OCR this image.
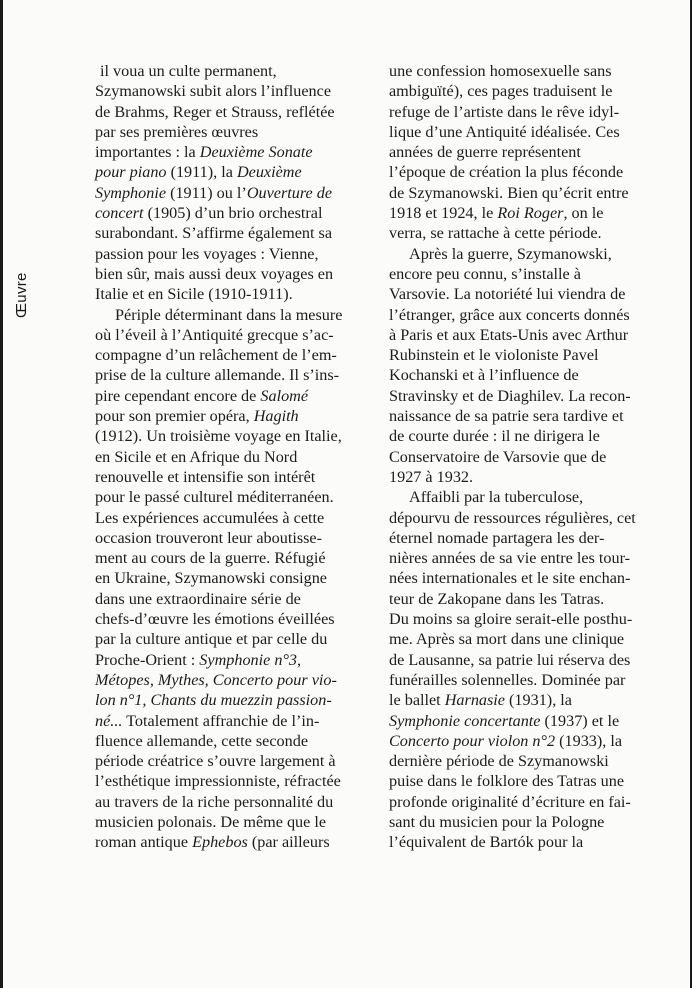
Œuvre
il voua un culte permanent,
Szymanowski subit alors l’influence
de Brahms, Reger et Strauss, reflétée
par ses premières œuvres
importantes : la Deuxième Sonate
pour piano (1911), la Deuxième
Symphonie (1911) ou l’Ouverture de
concert (1905) d’un brio orchestral
surabondant. S’affirme également sa
passion pour les voyages : Vienne,
bien sûr, mais aussi deux voyages en
Italie et en Sicile (1910-1911).
Périple déterminant dans la mesure
où l’éveil à l’Antiquité grecque s’ac-
compagne d’un relâchement de l’em-
prise de la culture allemande. Il s’ins-
pire cependant encore de Salomé
pour son premier opéra, Hagith
(1912). Un troisième voyage en Italie,
en Sicile et en Afrique du Nord
renouvelle et intensifie son intérêt
pour le passé culturel méditerranéen.
Les expériences accumulées à cette
occasion trouveront leur aboutisse-
ment au cours de la guerre. Réfugié
en Ukraine, Szymanowski consigne
dans une extraordinaire série de
chefs-d’œuvre les émotions éveillées
par la culture antique et par celle du
Proche-Orient : Symphonie n°3,
Métopes, Mythes, Concerto pour vio-
lon n°1, Chants du muezzin passion-
né... Totalement affranchie de l’in-
fluence allemande, cette seconde
période créatrice s’ouvre largement à
l’esthétique impressionniste, réfractée
au travers de la riche personnalité du
musicien polonais. De même que le
roman antique Ephebos (par ailleurs
une confession homosexuelle sans
ambiguïté), ces pages traduisent le
refuge de l’artiste dans le rêve idyl-
lique d’une Antiquité idéalisée. Ces
années de guerre représentent
l’époque de création la plus féconde
de Szymanowski. Bien qu’écrit entre
1918 et 1924, le Roi Roger, on le
verra, se rattache à cette période.
Après la guerre, Szymanowski,
encore peu connu, s’installe à
Varsovie. La notoriété lui viendra de
l’étranger, grâce aux concerts donnés
à Paris et aux Etats-Unis avec Arthur
Rubinstein et le violoniste Pavel
Kochanski et à l’influence de
Stravinsky et de Diaghilev. La recon-
naissance de sa patrie sera tardive et
de courte durée : il ne dirigera le
Conservatoire de Varsovie que de
1927 à 1932.
Affaibli par la tuberculose,
dépourvu de ressources régulières, cet
éternel nomade partagera les der-
nières années de sa vie entre les tour-
nées internationales et le site enchan-
teur de Zakopane dans les Tatras.
Du moins sa gloire serait-elle posthu-
me. Après sa mort dans une clinique
de Lausanne, sa patrie lui réserva des
funérailles solennelles. Dominée par
le ballet Harnasie (1931), la
Symphonie concertante (1937) et le
Concerto pour violon n°2 (1933), la
dernière période de Szymanowski
puise dans le folklore des Tatras une
profonde originalité d’écriture en fai-
sant du musicien pour la Pologne
l’équivalent de Bartók pour la
